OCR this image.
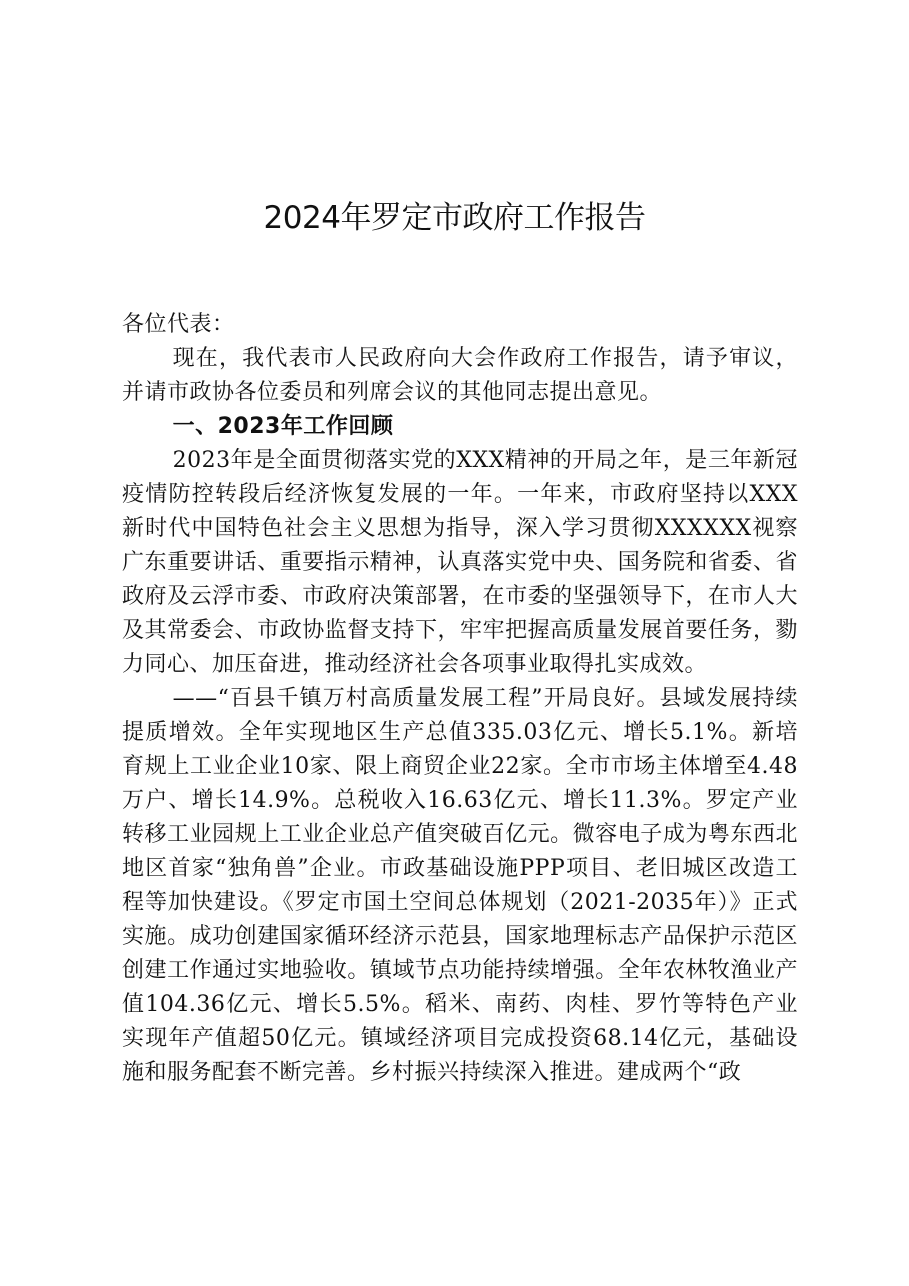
2024年罗定市政府工作报告

各位代表：

现在，我代表市人民政府向大会作政府工作报告，请予审议，并请市政协各位委员和列席会议的其他同志提出意见。

一、2023年工作回顾

2023年是全面贯彻落实党的XXX精神的开局之年，是三年新冠疫情防控转段后经济恢复发展的一年。一年来，市政府坚持以XXX新时代中国特色社会主义思想为指导，深入学习贯彻XXXXXX视察广东重要讲话、重要指示精神，认真落实党中央、国务院和省委、省政府及云浮市委、市政府决策部署，在市委的坚强领导下，在市人大及其常委会、市政协监督支持下，牢牢把握高质量发展首要任务，勠力同心、加压奋进，推动经济社会各项事业取得扎实成效。

——“百县千镇万村高质量发展工程”开局良好。县域发展持续提质增效。全年实现地区生产总值335.03亿元、增长5.1%。新培育规上工业企业10家、限上商贸企业22家。全市市场主体增至4.48万户、增长14.9%。总税收入16.63亿元、增长11.3%。罗定产业转移工业园规上工业企业总产值突破百亿元。微容电子成为粤东西北地区首家“独角兽”企业。市政基础设施PPP项目、老旧城区改造工程等加快建设。《罗定市国土空间总体规划（2021-2035年）》正式实施。成功创建国家循环经济示范县，国家地理标志产品保护示范区创建工作通过实地验收。镇域节点功能持续增强。全年农林牧渔业产值104.36亿元、增长5.5%。稻米、南药、肉桂、罗竹等特色产业实现年产值超50亿元。镇域经济项目完成投资68.14亿元，基础设施和服务配套不断完善。乡村振兴持续深入推进。建成两个“政
